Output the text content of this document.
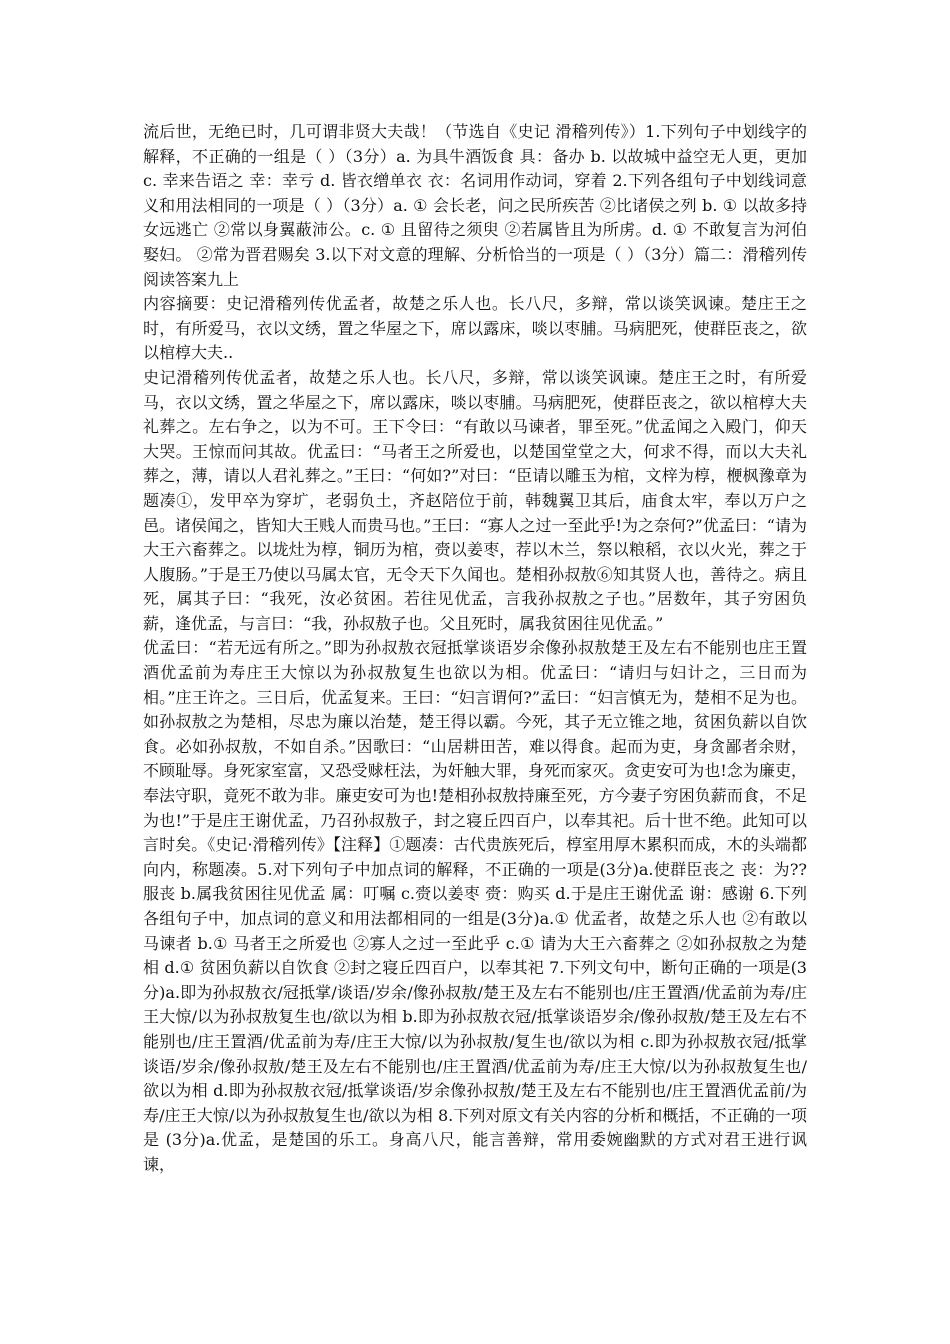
流后世，无绝已时，几可谓非贤大夫哉！（节选自《史记 滑稽列传》）1.下列句子中划线字的解释，不正确的一组是（ ）（3分）a. 为具牛酒饭食 具：备办 b. 以故城中益空无人更，更加 c. 幸来告语之 幸：幸亏 d. 皆衣缯单衣 衣：名词用作动词，穿着 2.下列各组句子中划线词意义和用法相同的一项是（ ）（3分）a. ① 会长老，问之民所疾苦 ②比诸侯之列 b. ① 以故多持女远逃亡 ②常以身翼蔽沛公。c. ① 且留待之须臾 ②若属皆且为所虏。d. ① 不敢复言为河伯娶妇。 ②常为晋君赐矣 3.以下对文意的理解、分析恰当的一项是（ ）（3分）篇二：滑稽列传阅读答案九上

内容摘要：史记滑稽列传优孟者，故楚之乐人也。长八尺，多辩，常以谈笑讽谏。楚庄王之时，有所爱马，衣以文绣，置之华屋之下，席以露床，啖以枣脯。马病肥死，使群臣丧之，欲以棺椁大夫..

史记滑稽列传优孟者，故楚之乐人也。长八尺，多辩，常以谈笑讽谏。楚庄王之时，有所爱马，衣以文绣，置之华屋之下，席以露床，啖以枣脯。马病肥死，使群臣丧之，欲以棺椁大夫礼葬之。左右争之，以为不可。王下令曰：“有敢以马谏者，罪至死。”优孟闻之入殿门，仰天大哭。王惊而问其故。优孟曰：“马者王之所爱也，以楚国堂堂之大，何求不得，而以大夫礼葬之，薄，请以人君礼葬之。”王曰：“何如?”对曰：“臣请以雕玉为棺，文梓为椁，楩枫豫章为题凑①，发甲卒为穿圹，老弱负土，齐赵陪位于前，韩魏翼卫其后，庙食太牢，奉以万户之邑。诸侯闻之，皆知大王贱人而贵马也。”王曰：“寡人之过一至此乎!为之奈何?”优孟曰：“请为大王六畜葬之。以垅灶为椁，铜历为棺，赍以姜枣，荐以木兰，祭以粮稻，衣以火光，葬之于人腹肠。”于是王乃使以马属太官，无令天下久闻也。楚相孙叔敖⑥知其贤人也，善待之。病且死，属其子曰：“我死，汝必贫困。若往见优孟，言我孙叔敖之子也。”居数年，其子穷困负薪，逢优孟，与言曰：“我，孙叔敖子也。父且死时，属我贫困往见优孟。”

优孟曰：“若无远有所之。”即为孙叔敖衣冠抵掌谈语岁余像孙叔敖楚王及左右不能别也庄王置酒优孟前为寿庄王大惊以为孙叔敖复生也欲以为相。优孟曰：“请归与妇计之，三日而为相。”庄王许之。三日后，优孟复来。王曰：“妇言谓何?”孟曰：“妇言慎无为，楚相不足为也。如孙叔敖之为楚相，尽忠为廉以治楚，楚王得以霸。今死，其子无立锥之地，贫困负薪以自饮食。必如孙叔敖，不如自杀。”因歌曰：“山居耕田苦，难以得食。起而为吏，身贪鄙者余财，不顾耻辱。身死家室富，又恐受赇枉法，为奸触大罪，身死而家灭。贪吏安可为也!念为廉吏，奉法守职，竟死不敢为非。廉吏安可为也!楚相孙叔敖持廉至死，方今妻子穷困负薪而食，不足为也!”于是庄王谢优孟，乃召孙叔敖子，封之寝丘四百户，以奉其祀。后十世不绝。此知可以言时矣。《史记·滑稽列传》【注释】①题凑：古代贵族死后，椁室用厚木累积而成，木的头端都向内，称题凑。5.对下列句子中加点词的解释，不正确的一项是(3分)a.使群臣丧之 丧：为??服丧 b.属我贫困往见优孟 属：叮嘱 c.赍以姜枣 赍：购买 d.于是庄王谢优孟 谢：感谢 6.下列各组句子中，加点词的意义和用法都相同的一组是(3分)a.① 优孟者，故楚之乐人也 ②有敢以马谏者 b.① 马者王之所爱也 ②寡人之过一至此乎 c.① 请为大王六畜葬之 ②如孙叔敖之为楚相 d.① 贫困负薪以自饮食 ②封之寝丘四百户，以奉其祀 7.下列文句中，断句正确的一项是(3分)a.即为孙叔敖衣/冠抵掌/谈语/岁余/像孙叔敖/楚王及左右不能别也/庄王置酒/优孟前为寿/庄王大惊/以为孙叔敖复生也/欲以为相 b.即为孙叔敖衣冠/抵掌谈语岁余/像孙叔敖/楚王及左右不能别也/庄王置酒/优孟前为寿/庄王大惊/以为孙叔敖/复生也/欲以为相 c.即为孙叔敖衣冠/抵掌谈语/岁余/像孙叔敖/楚王及左右不能别也/庄王置酒/优孟前为寿/庄王大惊/以为孙叔敖复生也/欲以为相 d.即为孙叔敖衣冠/抵掌谈语/岁余像孙叔敖/楚王及左右不能别也/庄王置酒优孟前/为寿/庄王大惊/以为孙叔敖复生也/欲以为相 8.下列对原文有关内容的分析和概括，不正确的一项是 (3分)a.优孟，是楚国的乐工。身高八尺，能言善辩，常用委婉幽默的方式对君王进行讽谏，
